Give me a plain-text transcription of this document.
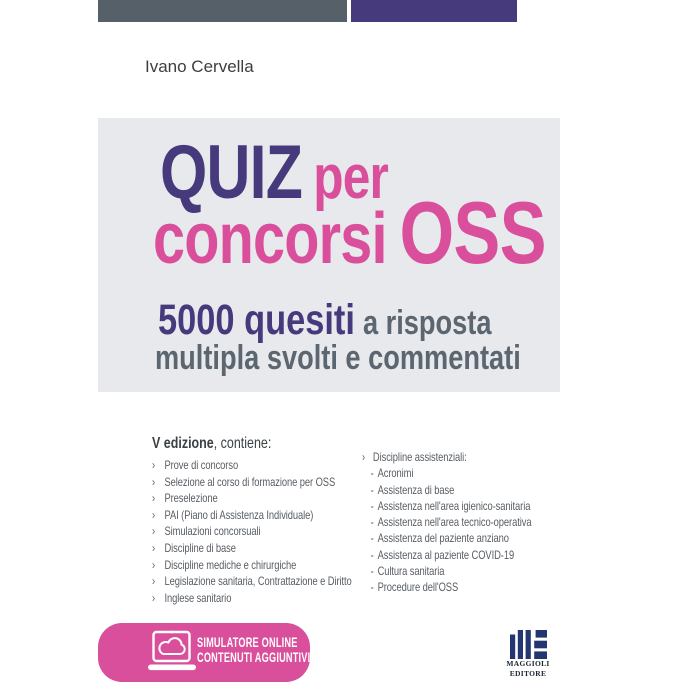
Ivano Cervella
QUIZ per
concorsi OSS
5000 quesiti a risposta
multipla svolti e commentati
V edizione, contiene:
› Prove di concorso
› Selezione al corso di formazione per OSS
› Preselezione
› PAI (Piano di Assistenza Individuale)
› Simulazioni concorsuali
› Discipline di base
› Discipline mediche e chirurgiche
› Legislazione sanitaria, Contrattazione e Diritto
› Inglese sanitario
› Discipline assistenziali:
- Acronimi
- Assistenza di base
- Assistenza nell'area igienico-sanitaria
- Assistenza nell'area tecnico-operativa
- Assistenza del paziente anziano
- Assistenza al paziente COVID-19
- Cultura sanitaria
- Procedure dell'OSS
SIMULATORE ONLINE
CONTENUTI AGGIUNTIVI	MAGGIOLI
EDITORE
